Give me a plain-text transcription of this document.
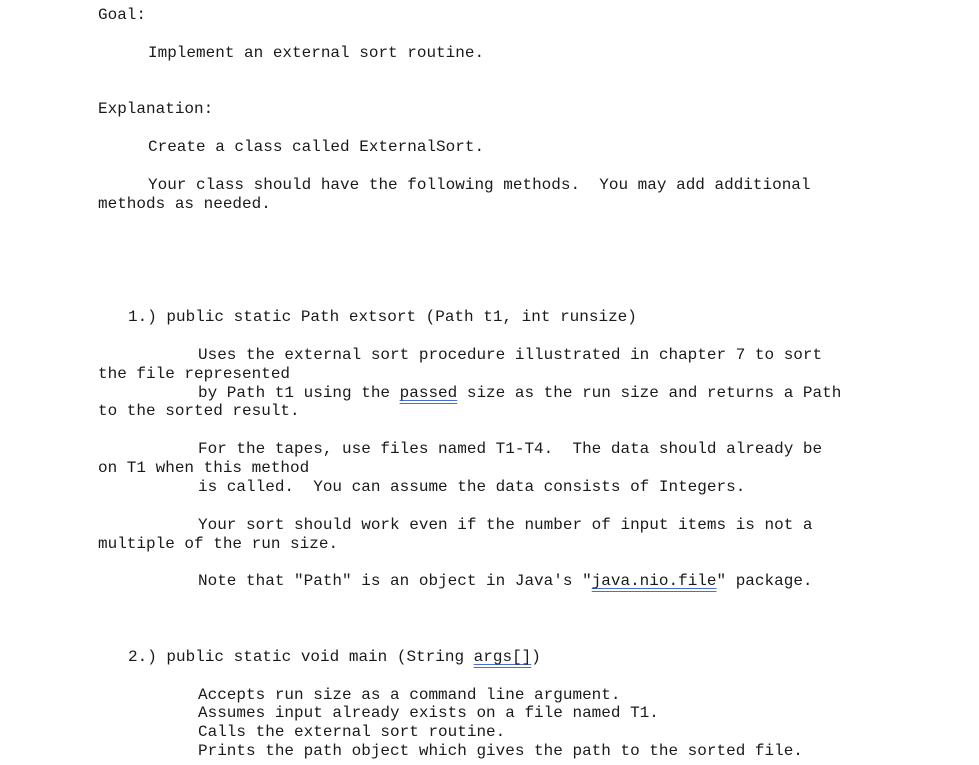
Goal:
Implement an external sort routine.
Explanation:
Create a class called ExternalSort.
Your class should have the following methods.  You may add additional
methods as needed.
1.) public static Path extsort (Path t1, int runsize)
Uses the external sort procedure illustrated in chapter 7 to sort
the file represented
by Path t1 using the passed size as the run size and returns a Path
to the sorted result.
For the tapes, use files named T1-T4.  The data should already be
on T1 when this method
is called.  You can assume the data consists of Integers.
Your sort should work even if the number of input items is not a
multiple of the run size.
Note that "Path" is an object in Java's "java.nio.file" package.
2.) public static void main (String args[])
Accepts run size as a command line argument.
Assumes input already exists on a file named T1.
Calls the external sort routine.
Prints the path object which gives the path to the sorted file.
